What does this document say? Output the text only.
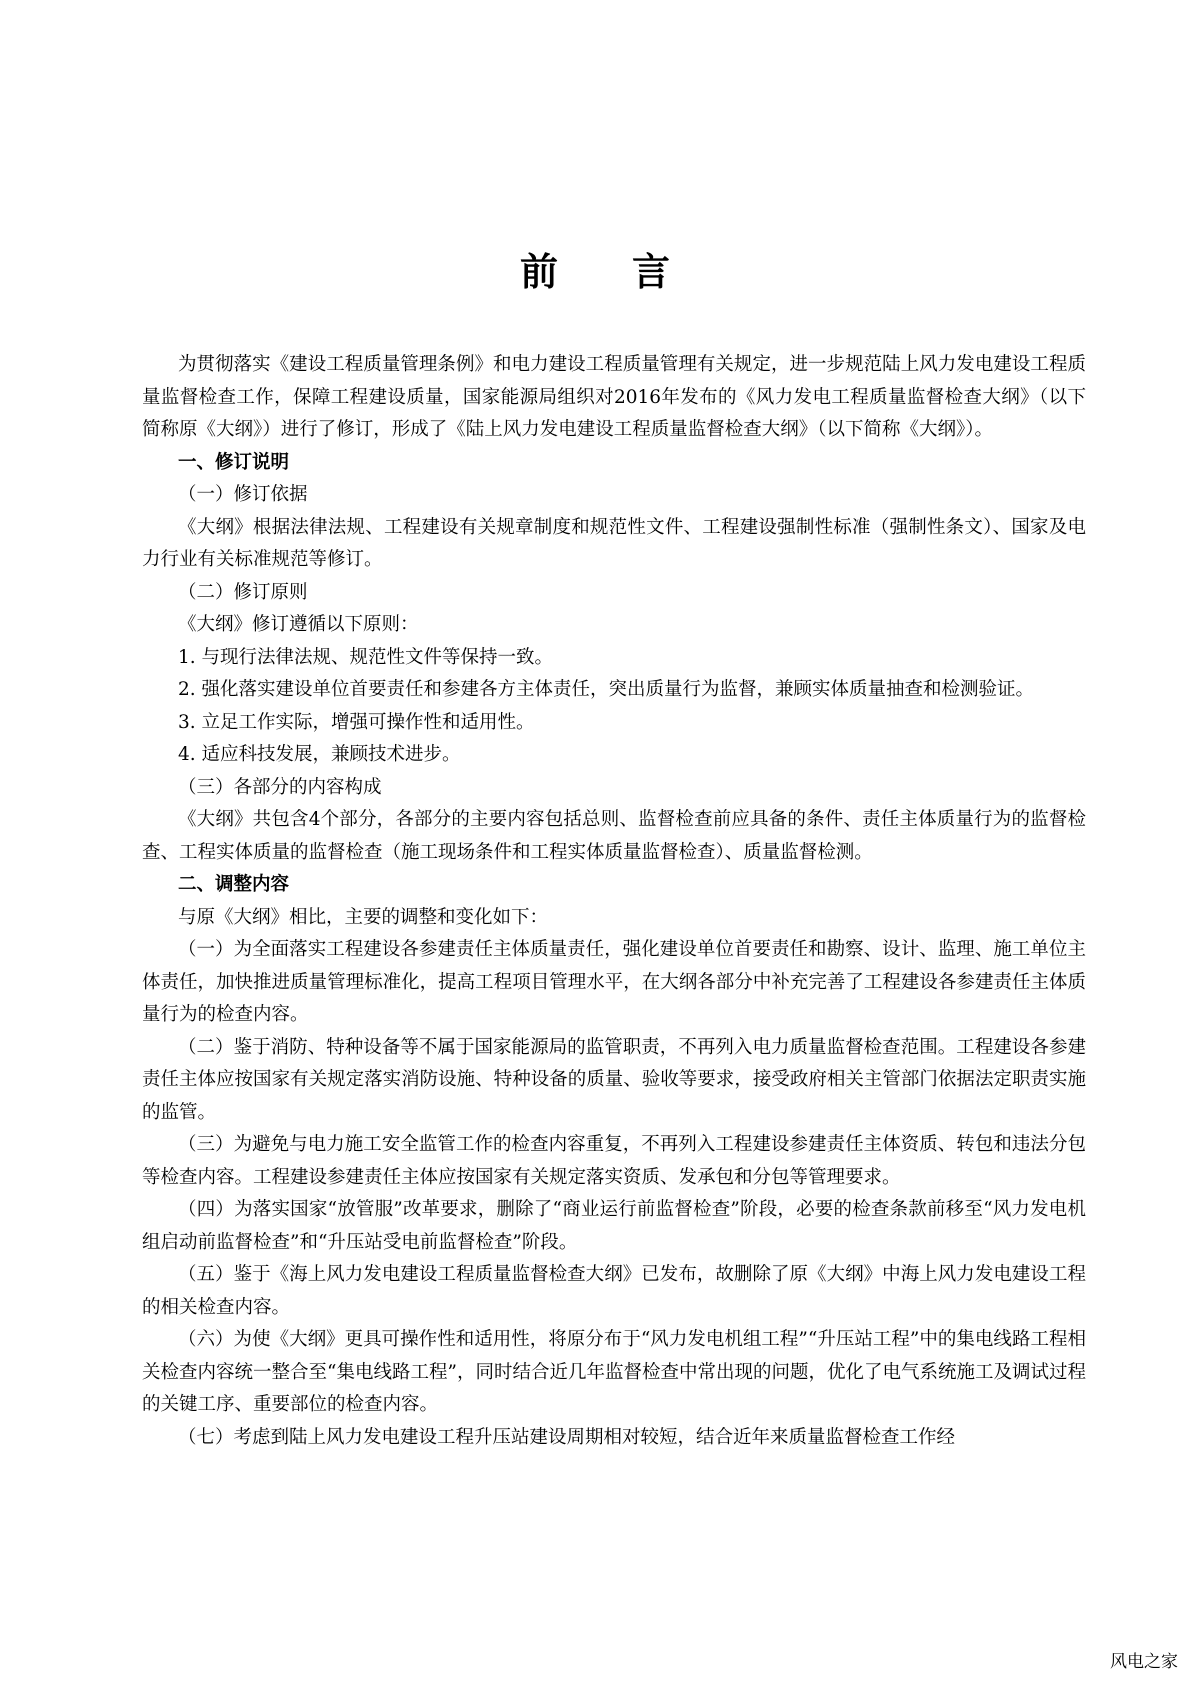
前言

为贯彻落实《建设工程质量管理条例》和电力建设工程质量管理有关规定，进一步规范陆上风力发电建设工程质量监督检查工作，保障工程建设质量，国家能源局组织对2016年发布的《风力发电工程质量监督检查大纲》（以下简称原《大纲》）进行了修订，形成了《陆上风力发电建设工程质量监督检查大纲》（以下简称《大纲》）。

一、修订说明

（一）修订依据

《大纲》根据法律法规、工程建设有关规章制度和规范性文件、工程建设强制性标准（强制性条文）、国家及电力行业有关标准规范等修订。

（二）修订原则

《大纲》修订遵循以下原则：

1. 与现行法律法规、规范性文件等保持一致。

2. 强化落实建设单位首要责任和参建各方主体责任，突出质量行为监督，兼顾实体质量抽查和检测验证。

3. 立足工作实际，增强可操作性和适用性。

4. 适应科技发展，兼顾技术进步。

（三）各部分的内容构成

《大纲》共包含4个部分，各部分的主要内容包括总则、监督检查前应具备的条件、责任主体质量行为的监督检查、工程实体质量的监督检查（施工现场条件和工程实体质量监督检查）、质量监督检测。

二、调整内容

与原《大纲》相比，主要的调整和变化如下：

（一）为全面落实工程建设各参建责任主体质量责任，强化建设单位首要责任和勘察、设计、监理、施工单位主体责任，加快推进质量管理标准化，提高工程项目管理水平，在大纲各部分中补充完善了工程建设各参建责任主体质量行为的检查内容。

（二）鉴于消防、特种设备等不属于国家能源局的监管职责，不再列入电力质量监督检查范围。工程建设各参建责任主体应按国家有关规定落实消防设施、特种设备的质量、验收等要求，接受政府相关主管部门依据法定职责实施的监管。

（三）为避免与电力施工安全监管工作的检查内容重复，不再列入工程建设参建责任主体资质、转包和违法分包等检查内容。工程建设参建责任主体应按国家有关规定落实资质、发承包和分包等管理要求。

（四）为落实国家“放管服”改革要求，删除了“商业运行前监督检查”阶段，必要的检查条款前移至“风力发电机组启动前监督检查”和“升压站受电前监督检查”阶段。

（五）鉴于《海上风力发电建设工程质量监督检查大纲》已发布，故删除了原《大纲》中海上风力发电建设工程的相关检查内容。

（六）为使《大纲》更具可操作性和适用性，将原分布于“风力发电机组工程”“升压站工程”中的集电线路工程相关检查内容统一整合至“集电线路工程”，同时结合近几年监督检查中常出现的问题，优化了电气系统施工及调试过程的关键工序、重要部位的检查内容。

（七）考虑到陆上风力发电建设工程升压站建设周期相对较短，结合近年来质量监督检查工作经

风电之家
